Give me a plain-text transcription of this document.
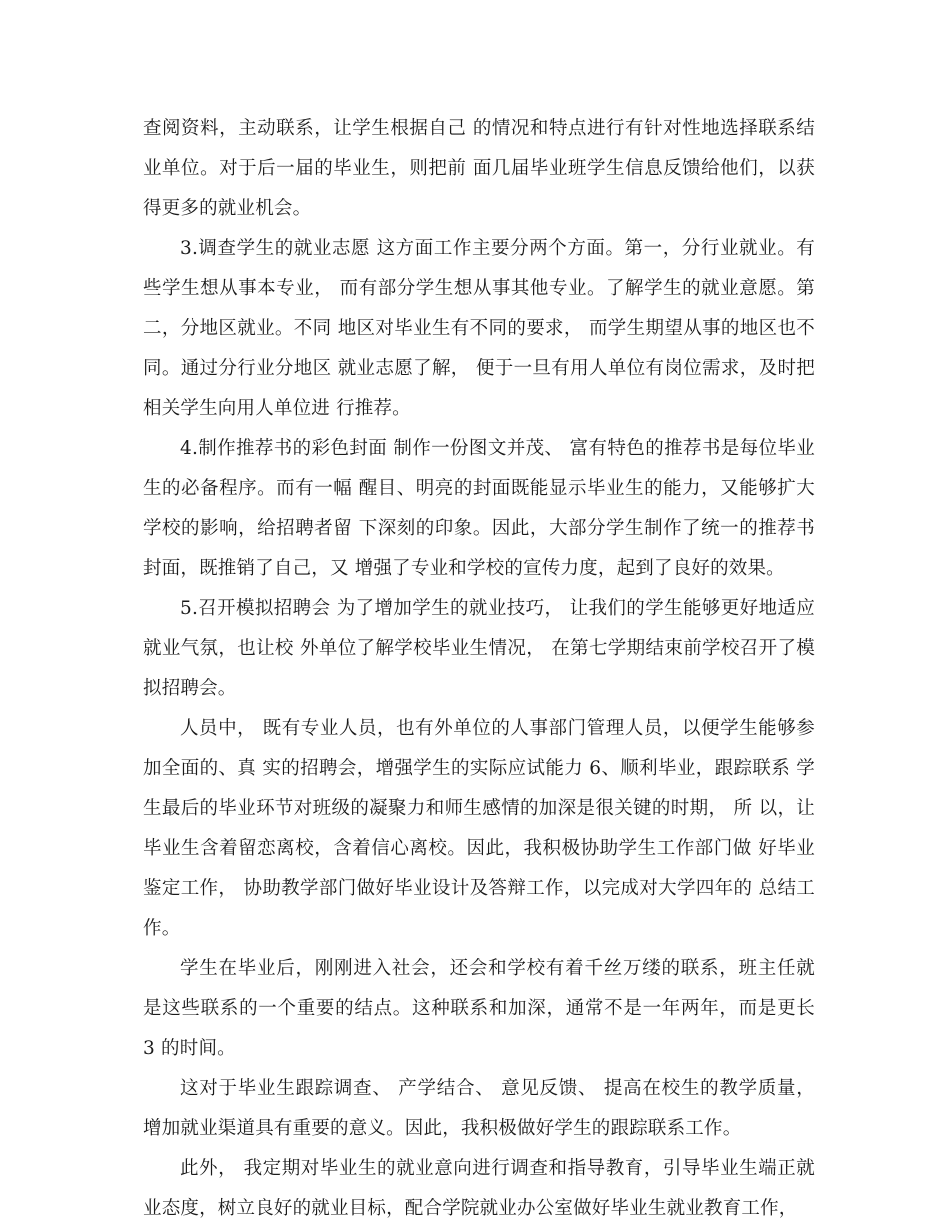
查阅资料，主动联系，让学生根据自己 的情况和特点进行有针对性地选择联系结业单位。对于后一届的毕业生，则把前 面几届毕业班学生信息反馈给他们，以获得更多的就业机会。

3.调查学生的就业志愿 这方面工作主要分两个方面。第一，分行业就业。有些学生想从事本专业， 而有部分学生想从事其他专业。了解学生的就业意愿。第二，分地区就业。不同 地区对毕业生有不同的要求， 而学生期望从事的地区也不同。通过分行业分地区 就业志愿了解， 便于一旦有用人单位有岗位需求，及时把相关学生向用人单位进 行推荐。

4.制作推荐书的彩色封面 制作一份图文并茂、 富有特色的推荐书是每位毕业生的必备程序。而有一幅 醒目、明亮的封面既能显示毕业生的能力，又能够扩大学校的影响，给招聘者留 下深刻的印象。因此，大部分学生制作了统一的推荐书封面，既推销了自己，又 增强了专业和学校的宣传力度，起到了良好的效果。

5.召开模拟招聘会 为了增加学生的就业技巧， 让我们的学生能够更好地适应就业气氛，也让校 外单位了解学校毕业生情况， 在第七学期结束前学校召开了模拟招聘会。

人员中， 既有专业人员，也有外单位的人事部门管理人员，以便学生能够参加全面的、真 实的招聘会，增强学生的实际应试能力 6、顺利毕业，跟踪联系 学生最后的毕业环节对班级的凝聚力和师生感情的加深是很关键的时期， 所 以，让毕业生含着留恋离校，含着信心离校。因此，我积极协助学生工作部门做 好毕业鉴定工作， 协助教学部门做好毕业设计及答辩工作，以完成对大学四年的 总结工作。

学生在毕业后，刚刚进入社会，还会和学校有着千丝万缕的联系，班主任就是这些联系的一个重要的结点。这种联系和加深，通常不是一年两年，而是更长 3 的时间。

这对于毕业生跟踪调查、 产学结合、 意见反馈、 提高在校生的教学质量，增加就业渠道具有重要的意义。因此，我积极做好学生的跟踪联系工作。

此外， 我定期对毕业生的就业意向进行调查和指导教育，引导毕业生端正就业态度，树立良好的就业目标，配合学院就业办公室做好毕业生就业教育工作，
